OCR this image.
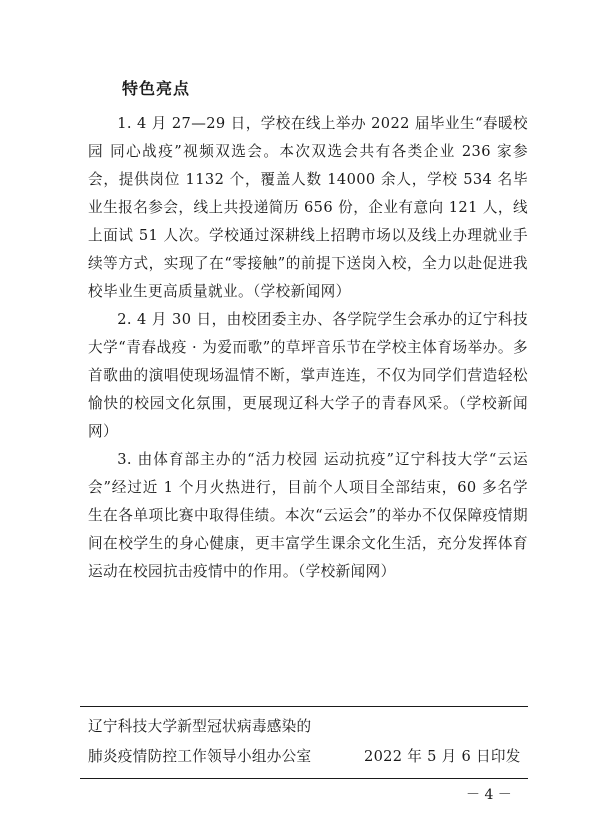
特色亮点

1. 4 月 27—29 日，学校在线上举办 2022 届毕业生“春暖校园 同心战疫”视频双选会。本次双选会共有各类企业 236 家参会，提供岗位 1132 个，覆盖人数 14000 余人，学校 534 名毕业生报名参会，线上共投递简历 656 份，企业有意向 121 人，线上面试 51 人次。学校通过深耕线上招聘市场以及线上办理就业手续等方式，实现了在“零接触”的前提下送岗入校，全力以赴促进我校毕业生更高质量就业。（学校新闻网）

2. 4 月 30 日，由校团委主办、各学院学生会承办的辽宁科技大学“青春战疫 · 为爱而歌”的草坪音乐节在学校主体育场举办。多首歌曲的演唱使现场温情不断，掌声连连，不仅为同学们营造轻松愉快的校园文化氛围，更展现辽科大学子的青春风采。（学校新闻网）

3. 由体育部主办的“活力校园 运动抗疫”辽宁科技大学“云运会”经过近 1 个月火热进行，目前个人项目全部结束，60 多名学生在各单项比赛中取得佳绩。本次“云运会”的举办不仅保障疫情期间在校学生的身心健康，更丰富学生课余文化生活，充分发挥体育运动在校园抗击疫情中的作用。（学校新闻网）

辽宁科技大学新型冠状病毒感染的
肺炎疫情防控工作领导小组办公室	2022 年 5 月 6 日印发
－ 4 －
